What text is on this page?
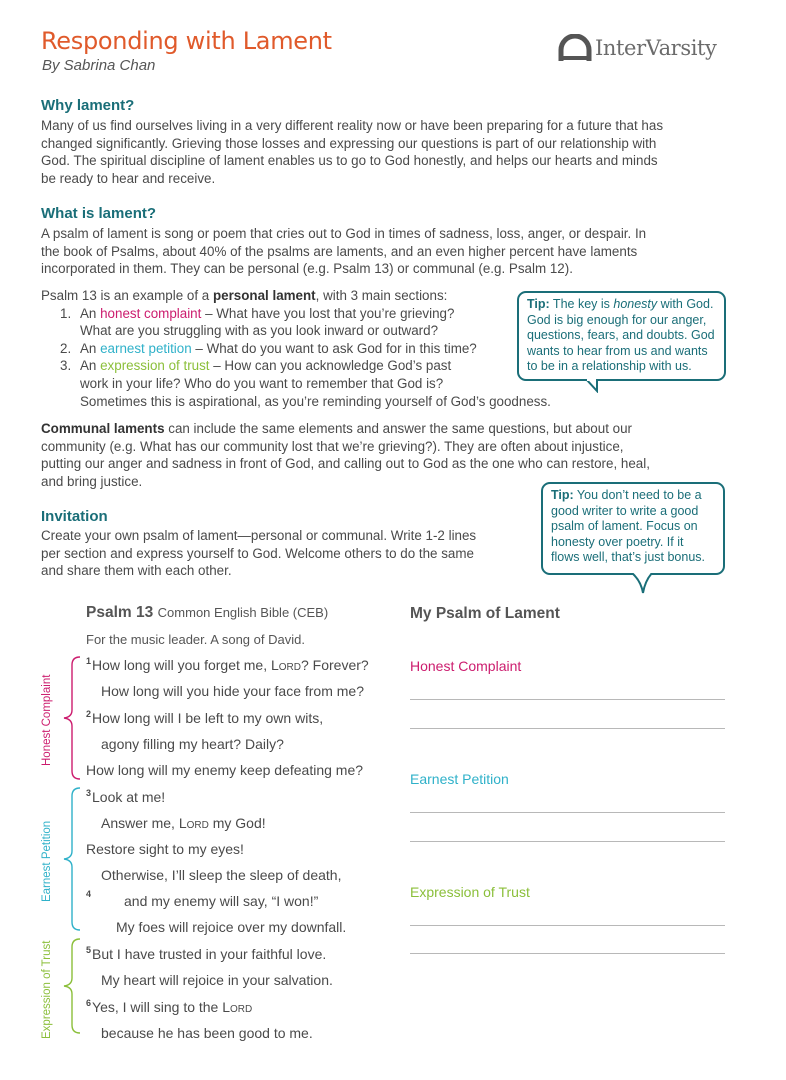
Responding with Lament
By Sabrina Chan
InterVarsity
Why lament?
Many of us find ourselves living in a very different reality now or have been preparing for a future that has
changed significantly. Grieving those losses and expressing our questions is part of our relationship with
God. The spiritual discipline of lament enables us to go to God honestly, and helps our hearts and minds
be ready to hear and receive.
What is lament?
A psalm of lament is song or poem that cries out to God in times of sadness, loss, anger, or despair. In
the book of Psalms, about 40% of the psalms are laments, and an even higher percent have laments
incorporated in them. They can be personal (e.g. Psalm 13) or communal (e.g. Psalm 12).
Psalm 13 is an example of a personal lament, with 3 main sections:
1. An honest complaint – What have you lost that you’re grieving?
What are you struggling with as you look inward or outward?
2. An earnest petition – What do you want to ask God for in this time?
3. An expression of trust – How can you acknowledge God’s past
work in your life? Who do you want to remember that God is?
Sometimes this is aspirational, as you’re reminding yourself of God’s goodness.
Tip: The key is honesty with God. God is big enough for our anger, questions, fears, and doubts. God wants to hear from us and wants to be in a relationship with us.
Communal laments can include the same elements and answer the same questions, but about our
community (e.g. What has our community lost that we’re grieving?). They are often about injustice,
putting our anger and sadness in front of God, and calling out to God as the one who can restore, heal,
and bring justice.
Invitation
Create your own psalm of lament—personal or communal. Write 1-2 lines
per section and express yourself to God. Welcome others to do the same
and share them with each other.
Tip: You don’t need to be a good writer to write a good psalm of lament. Focus on honesty over poetry. If it flows well, that’s just bonus.
Psalm 13 Common English Bible (CEB)
For the music leader. A song of David.
$^1$How long will you forget me, Lord? Forever?
How long will you hide your face from me?
$^2$How long will I be left to my own wits,
agony filling my heart? Daily?
How long will my enemy keep defeating me?
$^3$Look at me!
Answer me, Lord my God!
Restore sight to my eyes!
Otherwise, I’ll sleep the sleep of death,
$^4$ and my enemy will say, “I won!”
My foes will rejoice over my downfall.
$^5$But I have trusted in your faithful love.
My heart will rejoice in your salvation.
$^6$Yes, I will sing to the Lord
because he has been good to me.
Honest Complaint
Earnest Petition
Expression of Trust
My Psalm of Lament
Honest Complaint
Earnest Petition
Expression of Trust
